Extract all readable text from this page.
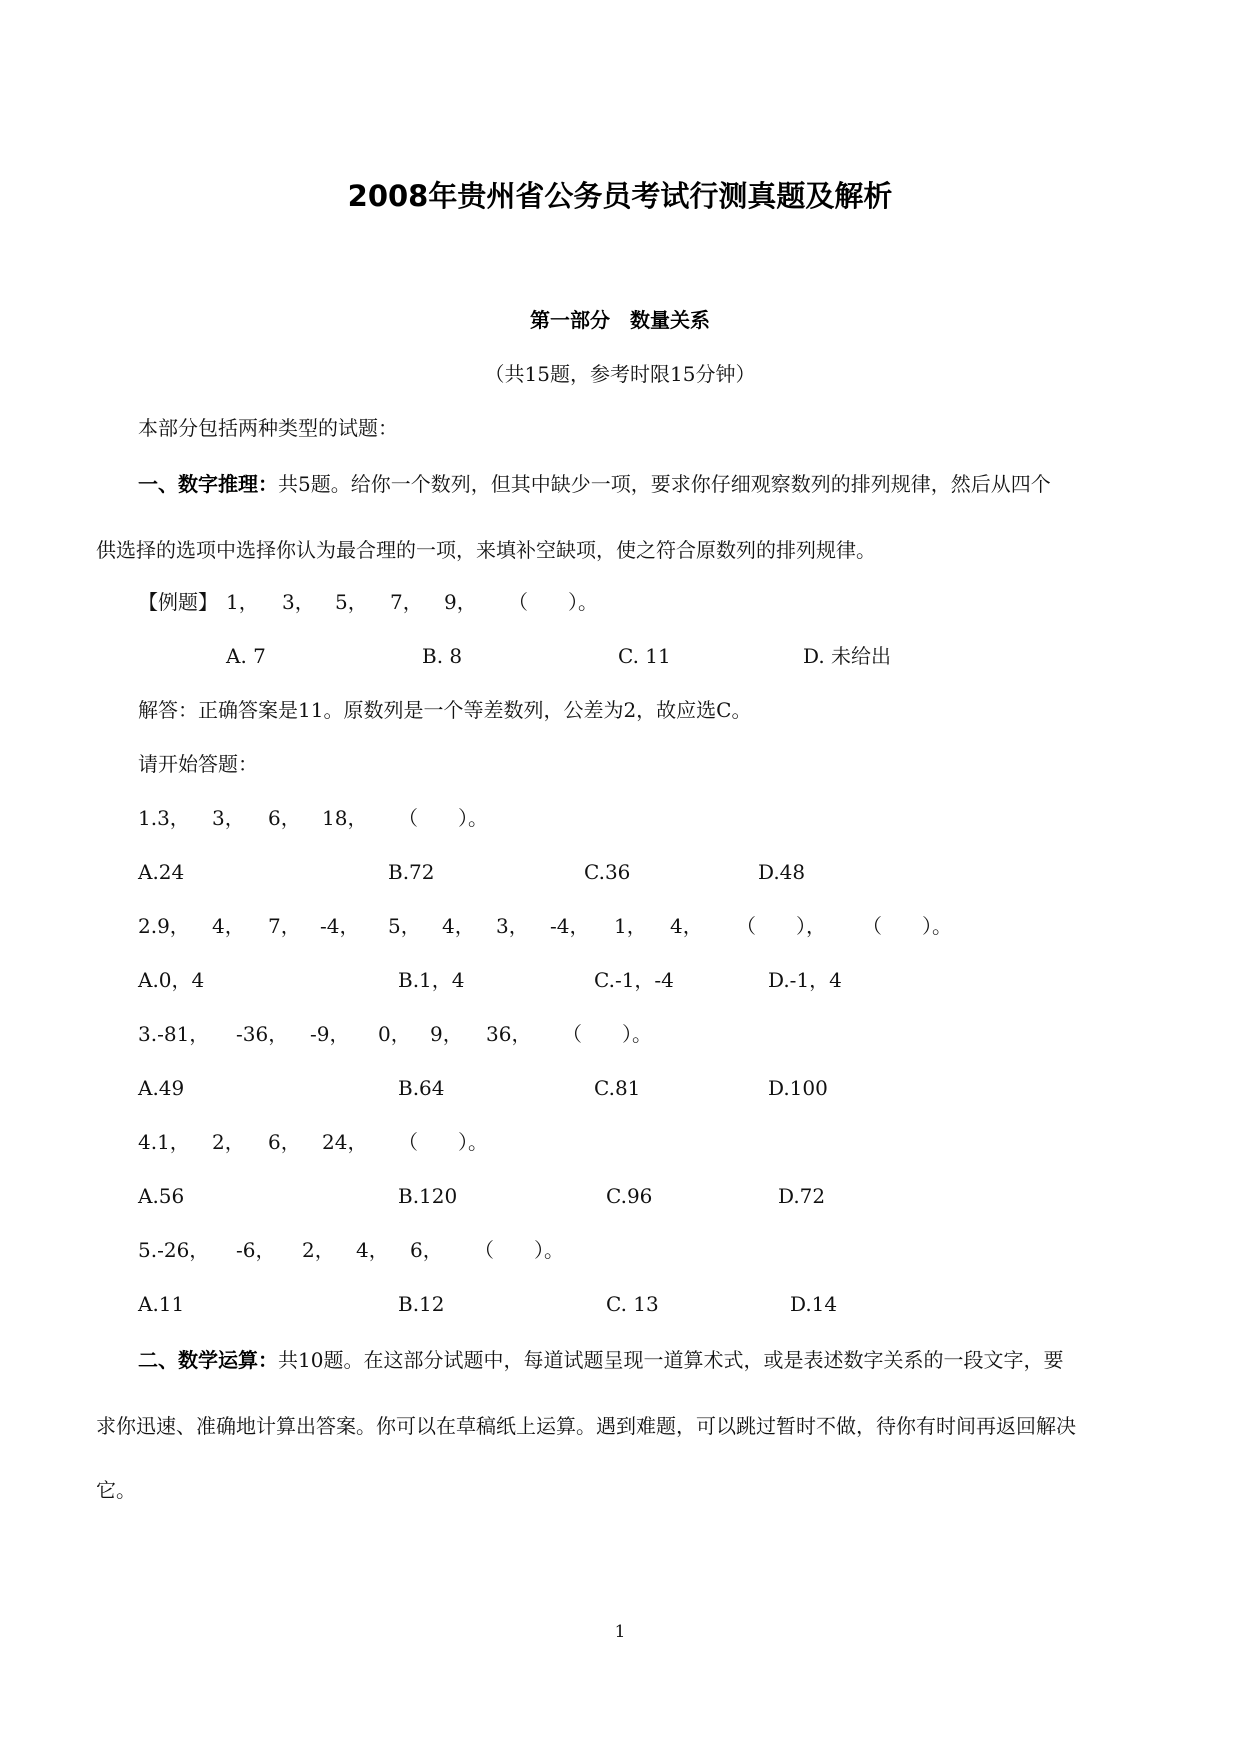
2008年贵州省公务员考试行测真题及解析
第一部分　数量关系
（共15题，参考时限15分钟）
本部分包括两种类型的试题：
一、数字推理：共5题。给你一个数列，但其中缺少一项，要求你仔细观察数列的排列规律，然后从四个
供选择的选项中选择你认为最合理的一项，来填补空缺项，使之符合原数列的排列规律。
【例题】 1， 3， 5， 7， 9， （　　）。
A. 7	B. 8	C. 11	D. 未给出
解答：正确答案是11。原数列是一个等差数列，公差为2，故应选C。
请开始答题：
1.3， 3， 6， 18， （　　）。
A.24	B.72	C.36	D.48
2.9， 4， 7， -4， 5， 4， 3， -4， 1， 4， （　　）， （　　）。
A.0，4	B.1，4	C.-1，-4	D.-1，4
3.-81， -36， -9， 0， 9， 36， （　　）。
A.49	B.64	C.81	D.100
4.1， 2， 6， 24， （　　）。
A.56	B.120	C.96	D.72
5.-26， -6， 2， 4， 6， （　　）。
A.11	B.12	C. 13	D.14
二、数学运算：共10题。在这部分试题中，每道试题呈现一道算术式，或是表述数字关系的一段文字，要
求你迅速、准确地计算出答案。你可以在草稿纸上运算。遇到难题，可以跳过暂时不做，待你有时间再返回解决
它。
1
